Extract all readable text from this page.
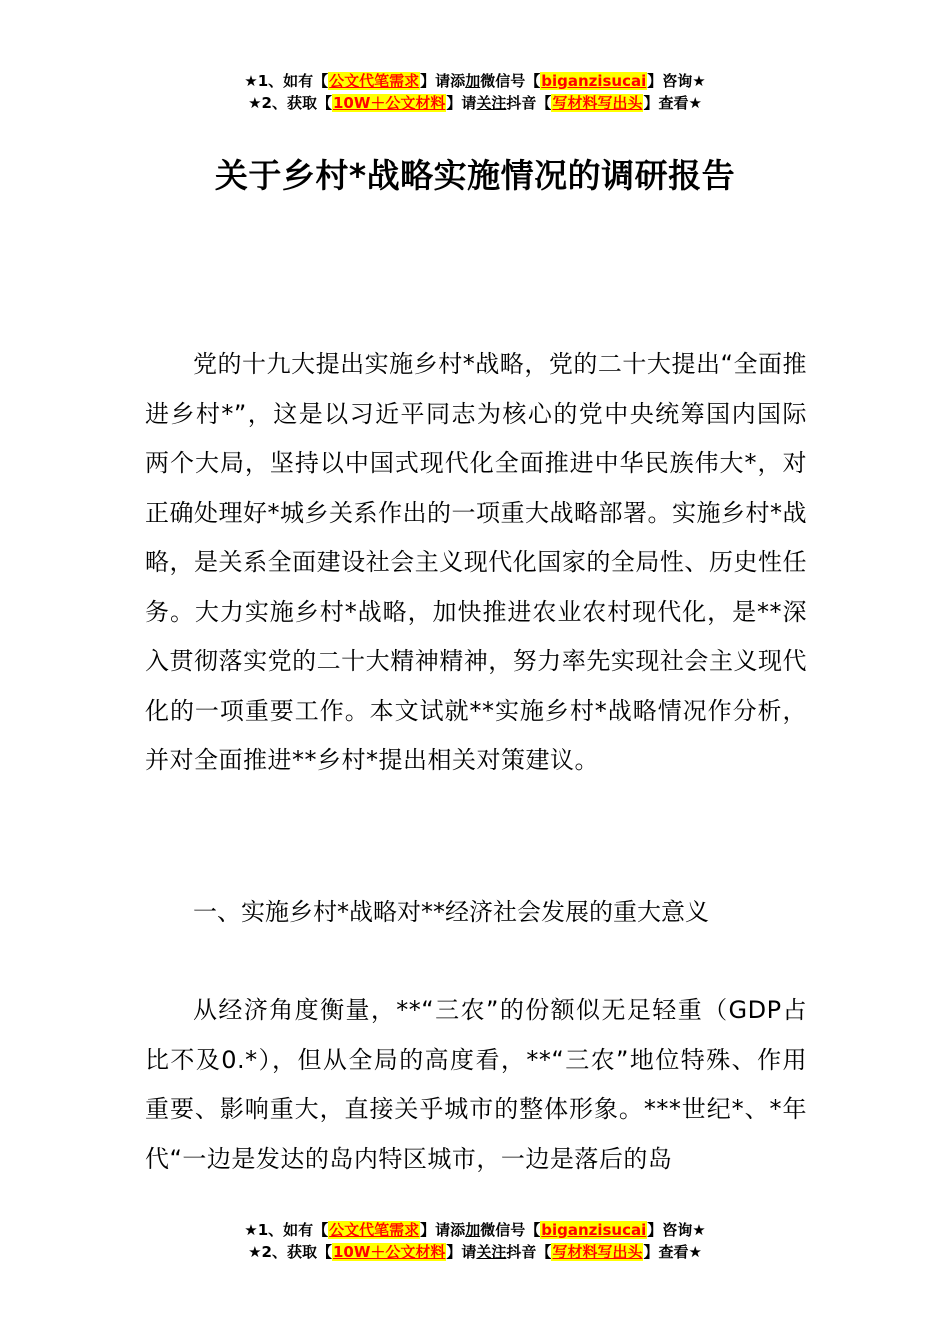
★1、如有【公文代笔需求】请添加微信号【biganzisucai】咨询★
★2、获取【10W＋公文材料】请关注抖音【写材料写出头】查看★
关于乡村*战略实施情况的调研报告

党的十九大提出实施乡村*战略，党的二十大提出“全面推进乡村*”，这是以习近平同志为核心的党中央统筹国内国际两个大局，坚持以中国式现代化全面推进中华民族伟大*，对正确处理好*城乡关系作出的一项重大战略部署。实施乡村*战略，是关系全面建设社会主义现代化国家的全局性、历史性任务。大力实施乡村*战略，加快推进农业农村现代化，是**深入贯彻落实党的二十大精神精神，努力率先实现社会主义现代化的一项重要工作。本文试就**实施乡村*战略情况作分析，并对全面推进**乡村*提出相关对策建议。

一、实施乡村*战略对**经济社会发展的重大意义

从经济角度衡量，**“三农”的份额似无足轻重（GDP占比不及0.*），但从全局的高度看，**“三农”地位特殊、作用重要、影响重大，直接关乎城市的整体形象。***世纪*、*年代“一边是发达的岛内特区城市，一边是落后的岛

★1、如有【公文代笔需求】请添加微信号【biganzisucai】咨询★
★2、获取【10W＋公文材料】请关注抖音【写材料写出头】查看★
